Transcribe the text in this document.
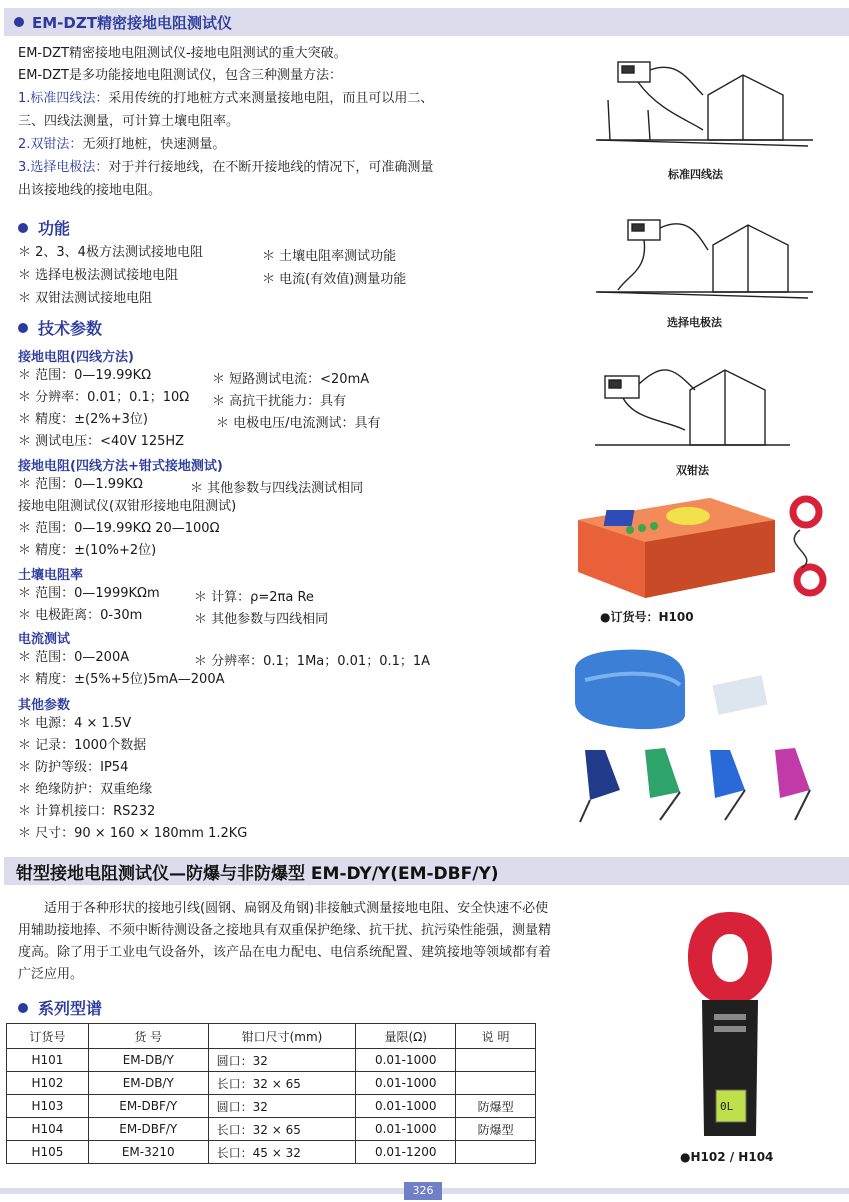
EM-DZT精密接地电阻测试仪
EM-DZT精密接地电阻测试仪-接地电阻测试的重大突破。
EM-DZT是多功能接地电阻测试仪，包含三种测量方法：
1.标准四线法：采用传统的打地桩方式来测量接地电阻，而且可以用二、
三、四线法测量，可计算土壤电阻率。
2.双钳法：无须打地桩，快速测量。
3.选择电极法：对于并行接地线，在不断开接地线的情况下，可准确测量
出该接地线的接地电阻。
功能
＊ 2、3、4极方法测试接地电阻	＊ 土壤电阻率测试功能
＊ 选择电极法测试接地电阻	＊ 电流(有效值)测量功能
＊ 双钳法测试接地电阻
技术参数
接地电阻(四线方法)
＊ 范围：0—19.99KΩ	＊ 短路测试电流：<20mA
＊ 分辨率：0.01；0.1；10Ω ＊ 高抗干扰能力：具有
＊ 精度：±(2%+3位)	＊ 电极电压/电流测试：具有
＊ 测试电压：<40V 125HZ
接地电阻(四线方法+钳式接地测试)
＊ 范围：0—1.99KΩ	＊ 其他参数与四线法测试相同
接地电阻测试仪(双钳形接地电阻测试)
＊ 范围：0—19.99KΩ 20—100Ω
＊ 精度：±(10%+2位)
土壤电阻率
＊ 范围：0—1999KΩm	＊ 计算：ρ=2πa Re
＊ 电极距离：0-30m	＊ 其他参数与四线相同
电流测试
＊ 范围：0—200A	＊ 分辨率：0.1；1Ma；0.01；0.1；1A
＊ 精度：±(5%+5位)5mA—200A
其他参数
＊ 电源：4 × 1.5V
＊ 记录：1000个数据
＊ 防护等级：IP54
＊ 绝缘防护：双重绝缘
＊ 计算机接口：RS232
＊ 尺寸：90 × 160 × 180mm 1.2KG
标准四线法
选择电极法
双钳法
●订货号：H100
钳型接地电阻测试仪—防爆与非防爆型 EM-DY/Y(EM-DBF/Y)
适用于各种形状的接地引线(圆钢、扁钢及角钢)非接触式测量接地电阻、安全快速不必使用辅助接地捧、不须中断待测设备之接地具有双重保护绝缘、抗干扰、抗污染性能强，测量精度高。除了用于工业电气设备外，该产品在电力配电、电信系统配置、建筑接地等领域都有着广泛应用。
系列型谱
订货号	货 号	钳口尺寸(mm)	量限(Ω)	说 明
H101	EM-DB/Y	圆口：32	0.01-1000	
H102	EM-DB/Y	长口：32 × 65	0.01-1000	
H103	EM-DBF/Y	圆口：32	0.01-1000	防爆型
H104	EM-DBF/Y	长口：32 × 65	0.01-1000	防爆型
H105	EM-3210	长口：45 × 32	0.01-1200	
0L
●H102 / H104
326
